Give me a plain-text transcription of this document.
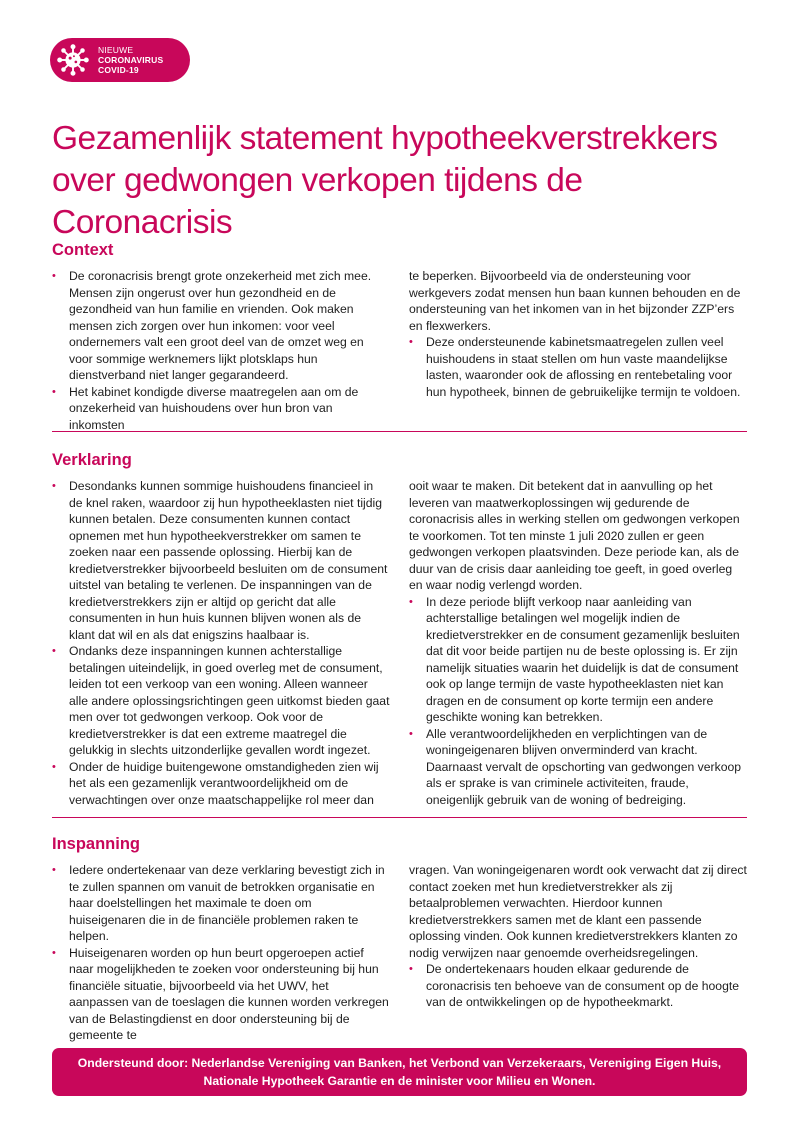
NIEUWE
CORONAVIRUS
COVID-19
Gezamenlijk statement hypotheekverstrekkers over gedwongen verkopen tijdens de Coronacrisis
Context
• De coronacrisis brengt grote onzekerheid met zich mee. Mensen zijn ongerust over hun gezondheid en de gezondheid van hun familie en vrienden. Ook maken mensen zich zorgen over hun inkomen: voor veel ondernemers valt een groot deel van de omzet weg en voor sommige werknemers lijkt plotsklaps hun dienstverband niet langer gegarandeerd.
• Het kabinet kondigde diverse maatregelen aan om de onzekerheid van huishoudens over hun bron van inkomsten
te beperken. Bijvoorbeeld via de ondersteuning voor werkgevers zodat mensen hun baan kunnen behouden en de ondersteuning van het inkomen van in het bijzonder ZZP’ers en flexwerkers.
• Deze ondersteunende kabinetsmaatregelen zullen veel huishoudens in staat stellen om hun vaste maandelijkse lasten, waaronder ook de aflossing en rentebetaling voor hun hypotheek, binnen de gebruikelijke termijn te voldoen.
Verklaring
• Desondanks kunnen sommige huishoudens financieel in de knel raken, waardoor zij hun hypotheeklasten niet tijdig kunnen betalen. Deze consumenten kunnen contact opnemen met hun hypotheekverstrekker om samen te zoeken naar een passende oplossing. Hierbij kan de kredietverstrekker bijvoorbeeld besluiten om de consument uitstel van betaling te verlenen. De inspanningen van de kredietverstrekkers zijn er altijd op gericht dat alle consumenten in hun huis kunnen blijven wonen als de klant dat wil en als dat enigszins haalbaar is.
• Ondanks deze inspanningen kunnen achterstallige betalingen uiteindelijk, in goed overleg met de consument, leiden tot een verkoop van een woning. Alleen wanneer alle andere oplossingsrichtingen geen uitkomst bieden gaat men over tot gedwongen verkoop. Ook voor de kredietverstrekker is dat een extreme maatregel die gelukkig in slechts uitzonderlijke gevallen wordt ingezet.
• Onder de huidige buitengewone omstandigheden zien wij het als een gezamenlijk verantwoordelijkheid om de verwachtingen over onze maatschappelijke rol meer dan
ooit waar te maken. Dit betekent dat in aanvulling op het leveren van maatwerkoplossingen wij gedurende de coronacrisis alles in werking stellen om gedwongen verkopen te voorkomen. Tot ten minste 1 juli 2020 zullen er geen gedwongen verkopen plaatsvinden. Deze periode kan, als de duur van de crisis daar aanleiding toe geeft, in goed overleg en waar nodig verlengd worden.
• In deze periode blijft verkoop naar aanleiding van achterstallige betalingen wel mogelijk indien de kredietverstrekker en de consument gezamenlijk besluiten dat dit voor beide partijen nu de beste oplossing is. Er zijn namelijk situaties waarin het duidelijk is dat de consument ook op lange termijn de vaste hypotheeklasten niet kan dragen en de consument op korte termijn een andere geschikte woning kan betrekken.
• Alle verantwoordelijkheden en verplichtingen van de woningeigenaren blijven onverminderd van kracht. Daarnaast vervalt de opschorting van gedwongen verkoop als er sprake is van criminele activiteiten, fraude, oneigenlijk gebruik van de woning of bedreiging.
Inspanning
• Iedere ondertekenaar van deze verklaring bevestigt zich in te zullen spannen om vanuit de betrokken organisatie en haar doelstellingen het maximale te doen om huiseigenaren die in de financiële problemen raken te helpen.
• Huiseigenaren worden op hun beurt opgeroepen actief naar mogelijkheden te zoeken voor ondersteuning bij hun financiële situatie, bijvoorbeeld via het UWV, het aanpassen van de toeslagen die kunnen worden verkregen van de Belastingdienst en door ondersteuning bij de gemeente te
vragen. Van woningeigenaren wordt ook verwacht dat zij direct contact zoeken met hun kredietverstrekker als zij betaalproblemen verwachten. Hierdoor kunnen kredietverstrekkers samen met de klant een passende oplossing vinden. Ook kunnen kredietverstrekkers klanten zo nodig verwijzen naar genoemde overheidsregelingen.
• De ondertekenaars houden elkaar gedurende de coronacrisis ten behoeve van de consument op de hoogte van de ontwikkelingen op de hypotheekmarkt.
Ondersteund door: Nederlandse Vereniging van Banken, het Verbond van Verzekeraars, Vereniging Eigen Huis, Nationale Hypotheek Garantie en de minister voor Milieu en Wonen.
